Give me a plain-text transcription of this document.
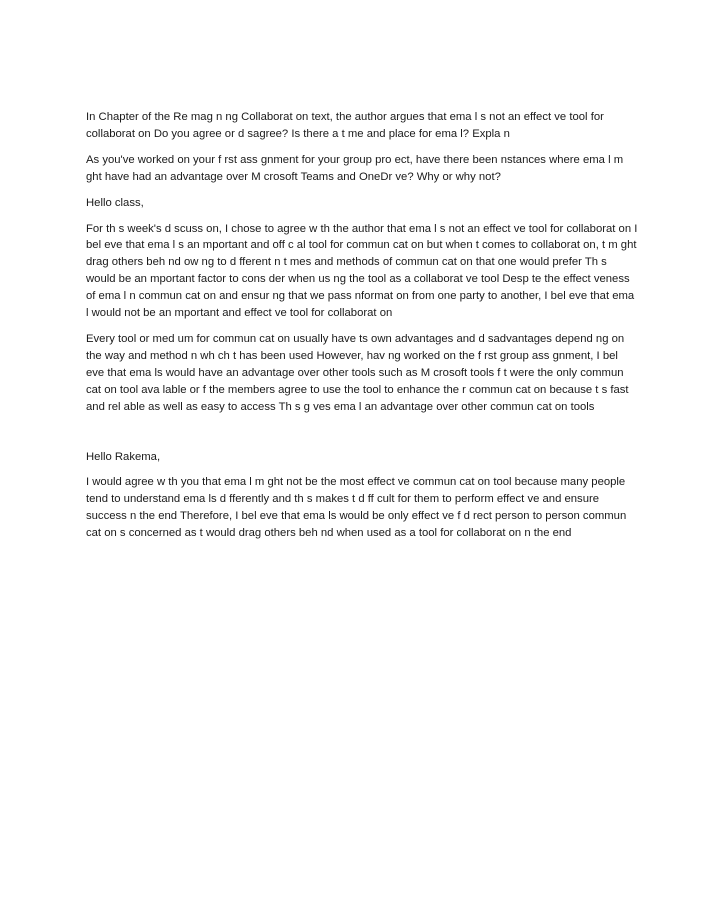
In Chapter of the Re mag n ng Collaborat on text, the author argues that ema l s not an effect ve tool for collaborat on Do you agree or d sagree? Is there a t me and place for ema l? Expla n

As you've worked on your f rst ass gnment for your group pro ect, have there been nstances where ema l m ght have had an advantage over M crosoft Teams and OneDr ve? Why or why not?

Hello class,

For th s week's d scuss on, I chose to agree w th the author that ema l s not an effect ve tool for collaborat on I bel eve that ema l s an mportant and off c al tool for commun cat on but when t comes to collaborat on, t m ght drag others beh nd ow ng to d fferent n t mes and methods of commun cat on that one would prefer Th s would be an mportant factor to cons der when us ng the tool as a collaborat ve tool Desp te the effect veness of ema l n commun cat on and ensur ng that we pass nformat on from one party to another, I bel eve that ema l would not be an mportant and effect ve tool for collaborat on

Every tool or med um for commun cat on usually have ts own advantages and d sadvantages depend ng on the way and method n wh ch t has been used However, hav ng worked on the f rst group ass gnment, I bel eve that ema ls would have an advantage over other tools such as M crosoft tools f t were the only commun cat on tool ava lable or f the members agree to use the tool to enhance the r commun cat on because t s fast and rel able as well as easy to access Th s g ves ema l an advantage over other commun cat on tools

Hello Rakema,

I would agree w th you that ema l m ght not be the most effect ve commun cat on tool because many people tend to understand ema ls d fferently and th s makes t d ff cult for them to perform effect ve and ensure success n the end Therefore, I bel eve that ema ls would be only effect ve f d rect person to person commun cat on s concerned as t would drag others beh nd when used as a tool for collaborat on n the end
